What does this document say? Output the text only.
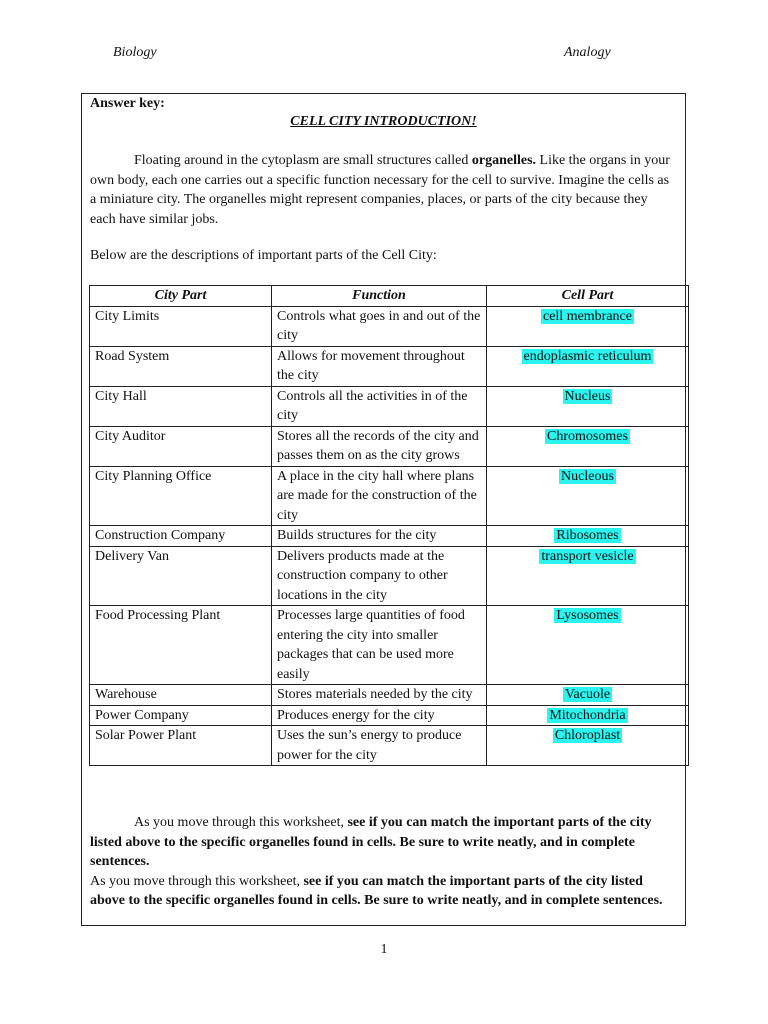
Biology	Analogy
Answer key:
CELL CITY INTRODUCTION!
Floating around in the cytoplasm are small structures called organelles. Like the organs in your own body, each one carries out a specific function necessary for the cell to survive. Imagine the cells as a miniature city. The organelles might represent companies, places, or parts of the city because they each have similar jobs.
Below are the descriptions of important parts of the Cell City:
City Part	Function	Cell Part
City Limits	Controls what goes in and out of the city	cell membrance
Road System	Allows for movement throughout the city	endoplasmic reticulum
City Hall	Controls all the activities in of the city	Nucleus
City Auditor	Stores all the records of the city and passes them on as the city grows	Chromosomes
City Planning Office	A place in the city hall where plans are made for the construction of the city	Nucleous
Construction Company	Builds structures for the city	Ribosomes
Delivery Van	Delivers products made at the construction company to other locations in the city	transport vesicle
Food Processing Plant	Processes large quantities of food entering the city into smaller packages that can be used more easily	Lysosomes
Warehouse	Stores materials needed by the city	Vacuole
Power Company	Produces energy for the city	Mitochondria
Solar Power Plant	Uses the sun’s energy to produce power for the city	Chloroplast
As you move through this worksheet, see if you can match the important parts of the city listed above to the specific organelles found in cells. Be sure to write neatly, and in complete sentences.
As you move through this worksheet, see if you can match the important parts of the city listed above to the specific organelles found in cells. Be sure to write neatly, and in complete sentences.
1
